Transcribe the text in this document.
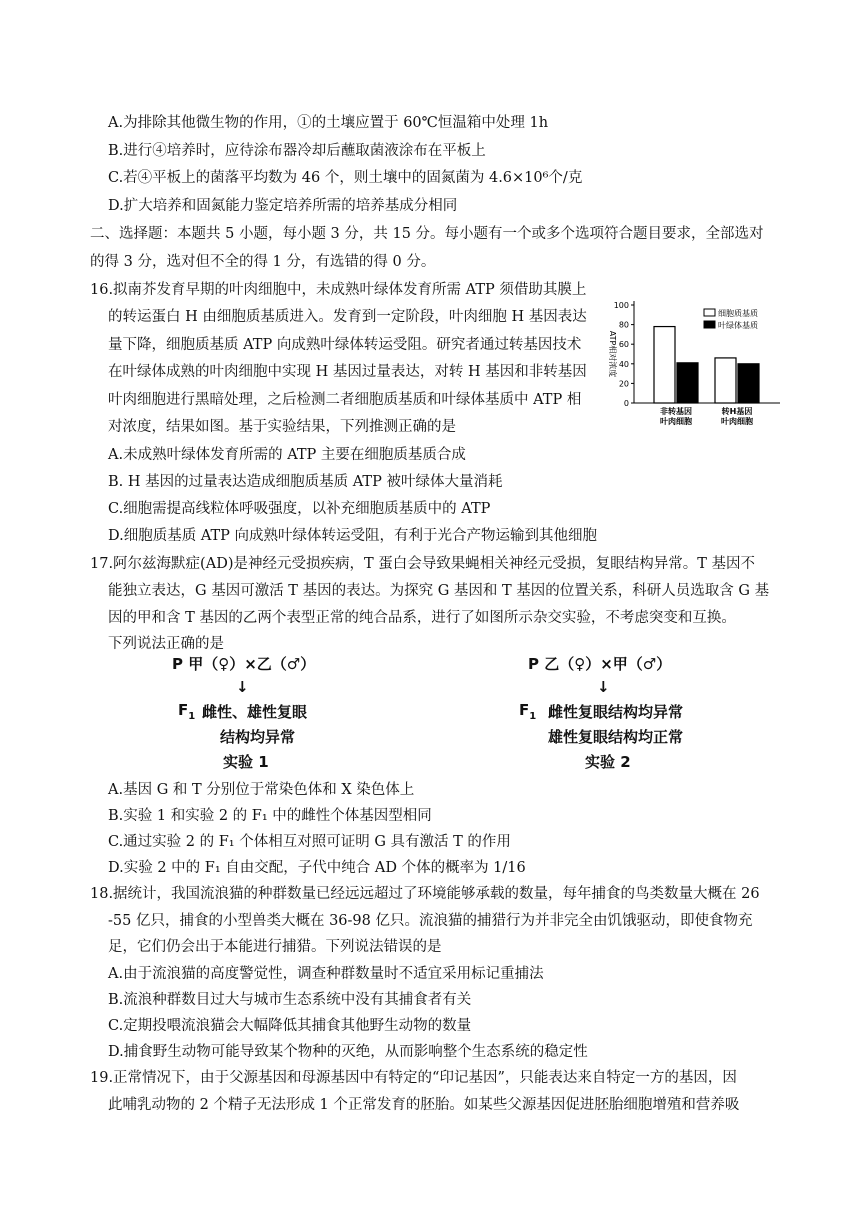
A.为排除其他微生物的作用，①的土壤应置于 60℃恒温箱中处理 1h
B.进行④培养时，应待涂布器冷却后蘸取菌液涂布在平板上
C.若④平板上的菌落平均数为 46 个，则土壤中的固氮菌为 4.6×10⁶个/克
D.扩大培养和固氮能力鉴定培养所需的培养基成分相同
二、选择题：本题共 5 小题，每小题 3 分，共 15 分。每小题有一个或多个选项符合题目要求，全部选对
的得 3 分，选对但不全的得 1 分，有选错的得 0 分。
16.拟南芥发育早期的叶肉细胞中，未成熟叶绿体发育所需 ATP 须借助其膜上
的转运蛋白 H 由细胞质基质进入。发育到一定阶段，叶肉细胞 H 基因表达
量下降，细胞质基质 ATP 向成熟叶绿体转运受阻。研究者通过转基因技术
在叶绿体成熟的叶肉细胞中实现 H 基因过量表达，对转 H 基因和非转基因
叶肉细胞进行黑暗处理，之后检测二者细胞质基质和叶绿体基质中 ATP 相
对浓度，结果如图。基于实验结果，下列推测正确的是
A.未成熟叶绿体发育所需的 ATP 主要在细胞质基质合成
B. H 基因的过量表达造成细胞质基质 ATP 被叶绿体大量消耗
C.细胞需提高线粒体呼吸强度，以补充细胞质基质中的 ATP
D.细胞质基质 ATP 向成熟叶绿体转运受阻，有利于光合产物运输到其他细胞
ATP相对浓度
0
20
40
60
80
100
非转基因
叶肉细胞
转H基因
叶肉细胞
细胞质基质
叶绿体基质
17.阿尔兹海默症(AD)是神经元受损疾病，T 蛋白会导致果蝇相关神经元受损，复眼结构异常。T 基因不
能独立表达，G 基因可激活 T 基因的表达。为探究 G 基因和 T 基因的位置关系，科研人员选取含 G 基
因的甲和含 T 基因的乙两个表型正常的纯合品系，进行了如图所示杂交实验，不考虑突变和互换。
下列说法正确的是
P 甲（♀）×乙（♂）
↓
$F_1$ 雌性、雄性复眼
结构均异常
实验 1
P 乙（♀）×甲（♂）
↓
$F_1$ 雌性复眼结构均异常
雄性复眼结构均正常
实验 2
A.基因 G 和 T 分别位于常染色体和 X 染色体上
B.实验 1 和实验 2 的 F₁ 中的雌性个体基因型相同
C.通过实验 2 的 F₁ 个体相互对照可证明 G 具有激活 T 的作用
D.实验 2 中的 F₁ 自由交配，子代中纯合 AD 个体的概率为 1/16
18.据统计，我国流浪猫的种群数量已经远远超过了环境能够承载的数量，每年捕食的鸟类数量大概在 26
-55 亿只，捕食的小型兽类大概在 36-98 亿只。流浪猫的捕猎行为并非完全由饥饿驱动，即使食物充
足，它们仍会出于本能进行捕猎。下列说法错误的是
A.由于流浪猫的高度警觉性，调查种群数量时不适宜采用标记重捕法
B.流浪种群数目过大与城市生态系统中没有其捕食者有关
C.定期投喂流浪猫会大幅降低其捕食其他野生动物的数量
D.捕食野生动物可能导致某个物种的灭绝，从而影响整个生态系统的稳定性
19.正常情况下，由于父源基因和母源基因中有特定的“印记基因”，只能表达来自特定一方的基因，因
此哺乳动物的 2 个精子无法形成 1 个正常发育的胚胎。如某些父源基因促进胚胎细胞增殖和营养吸
